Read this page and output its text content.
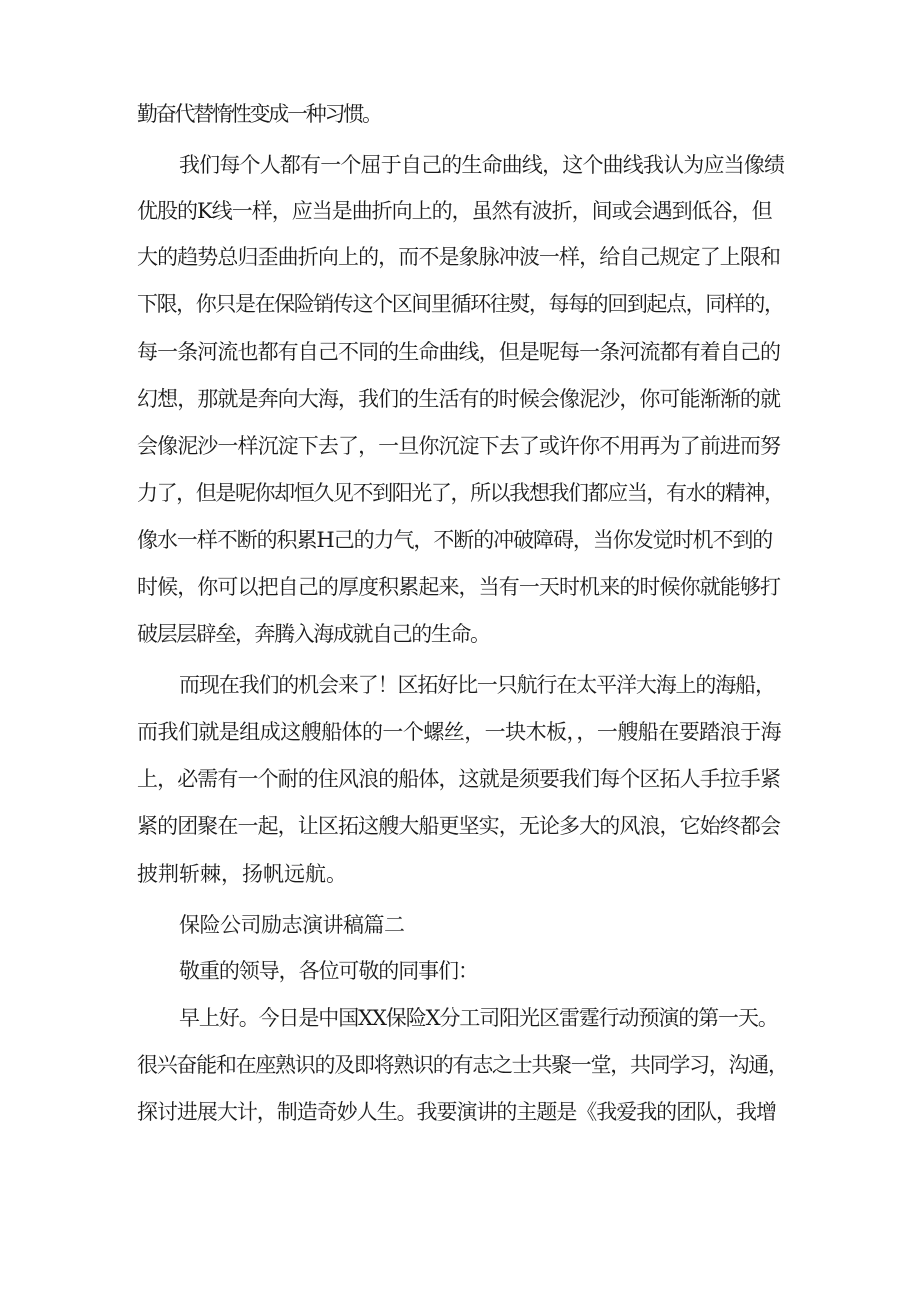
勤奋代替惰性变成一种习惯。

我们每个人都有一个屈于自己的生命曲线，这个曲线我认为应当像绩

优股的K线一样，应当是曲折向上的，虽然有波折，间或会遇到低谷，但

大的趋势总归歪曲折向上的，而不是象脉冲波一样，给自己规定了上限和

下限，你只是在保险销传这个区间里循环往熨，每每的回到起点，同样的，

每一条河流也都有自己不同的生命曲线，但是呢每一条河流都有着自己的

幻想，那就是奔向大海，我们的生活有的时候会像泥沙，你可能渐渐的就

会像泥沙一样沉淀下去了，一旦你沉淀下去了或许你不用再为了前进而努

力了，但是呢你却恒久见不到阳光了，所以我想我们都应当，有水的精神，

像水一样不断的积累H己的力气，不断的冲破障碍，当你发觉时机不到的

时候，你可以把自己的厚度积累起来，当有一天时机来的时候你就能够打

破层层辟垒，奔腾入海成就自己的生命。

而现在我们的机会来了！区拓好比一只航行在太平洋大海上的海船，

而我们就是组成这艘船体的一个螺丝，一块木板，，一艘船在要踏浪于海

上，必需有一个耐的住风浪的船体，这就是须要我们每个区拓人手拉手紧

紧的团聚在一起，让区拓这艘大船更坚实，无论多大的风浪，它始终都会

披荆斩棘，扬帆远航。

保险公司励志演讲稿篇二

敬重的领导，各位可敬的同事们：

早上好。今日是中国XX保险X分工司阳光区雷霆行动预演的第一天。

很兴奋能和在座熟识的及即将熟识的有志之士共聚一堂，共同学习，沟通，

探讨进展大计，制造奇妙人生。我要演讲的主题是《我爱我的团队，我增
